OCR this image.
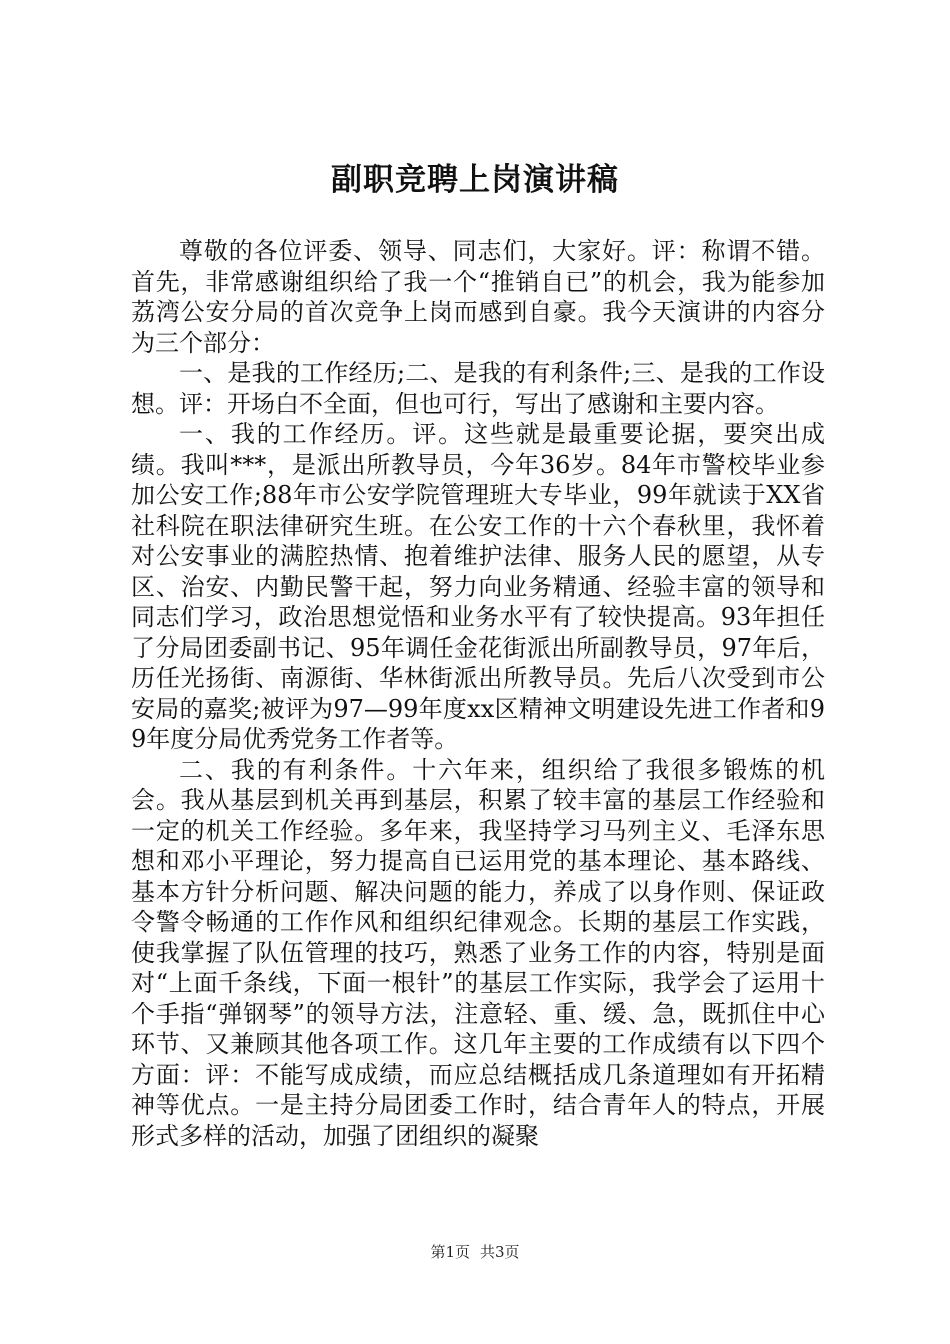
副职竞聘上岗演讲稿

尊敬的各位评委、领导、同志们，大家好。评：称谓不错。首先，非常感谢组织给了我一个“推销自已”的机会，我为能参加荔湾公安分局的首次竞争上岗而感到自豪。我今天演讲的内容分为三个部分：

一、是我的工作经历;二、是我的有利条件;三、是我的工作设想。评：开场白不全面，但也可行，写出了感谢和主要内容。

一、我的工作经历。评。这些就是最重要论据，要突出成绩。我叫***，是派出所教导员，今年36岁。84年市警校毕业参加公安工作;88年市公安学院管理班大专毕业，99年就读于XX省社科院在职法律研究生班。在公安工作的十六个春秋里，我怀着对公安事业的满腔热情、抱着维护法律、服务人民的愿望，从专区、治安、内勤民警干起，努力向业务精通、经验丰富的领导和同志们学习，政治思想觉悟和业务水平有了较快提高。93年担任了分局团委副书记、95年调任金花街派出所副教导员，97年后，历任光扬街、南源街、华林街派出所教导员。先后八次受到市公安局的嘉奖;被评为97—99年度xx区精神文明建设先进工作者和99年度分局优秀党务工作者等。

二、我的有利条件。十六年来，组织给了我很多锻炼的机会。我从基层到机关再到基层，积累了较丰富的基层工作经验和一定的机关工作经验。多年来，我坚持学习马列主义、毛泽东思想和邓小平理论，努力提高自已运用党的基本理论、基本路线、基本方针分析问题、解决问题的能力，养成了以身作则、保证政令警令畅通的工作作风和组织纪律观念。长期的基层工作实践，使我掌握了队伍管理的技巧，熟悉了业务工作的内容，特别是面对“上面千条线，下面一根针”的基层工作实际，我学会了运用十个手指“弹钢琴”的领导方法，注意轻、重、缓、急，既抓住中心环节、又兼顾其他各项工作。这几年主要的工作成绩有以下四个方面：评：不能写成成绩，而应总结概括成几条道理如有开拓精神等优点。一是主持分局团委工作时，结合青年人的特点，开展形式多样的活动，加强了团组织的凝聚

第1页 共3页
